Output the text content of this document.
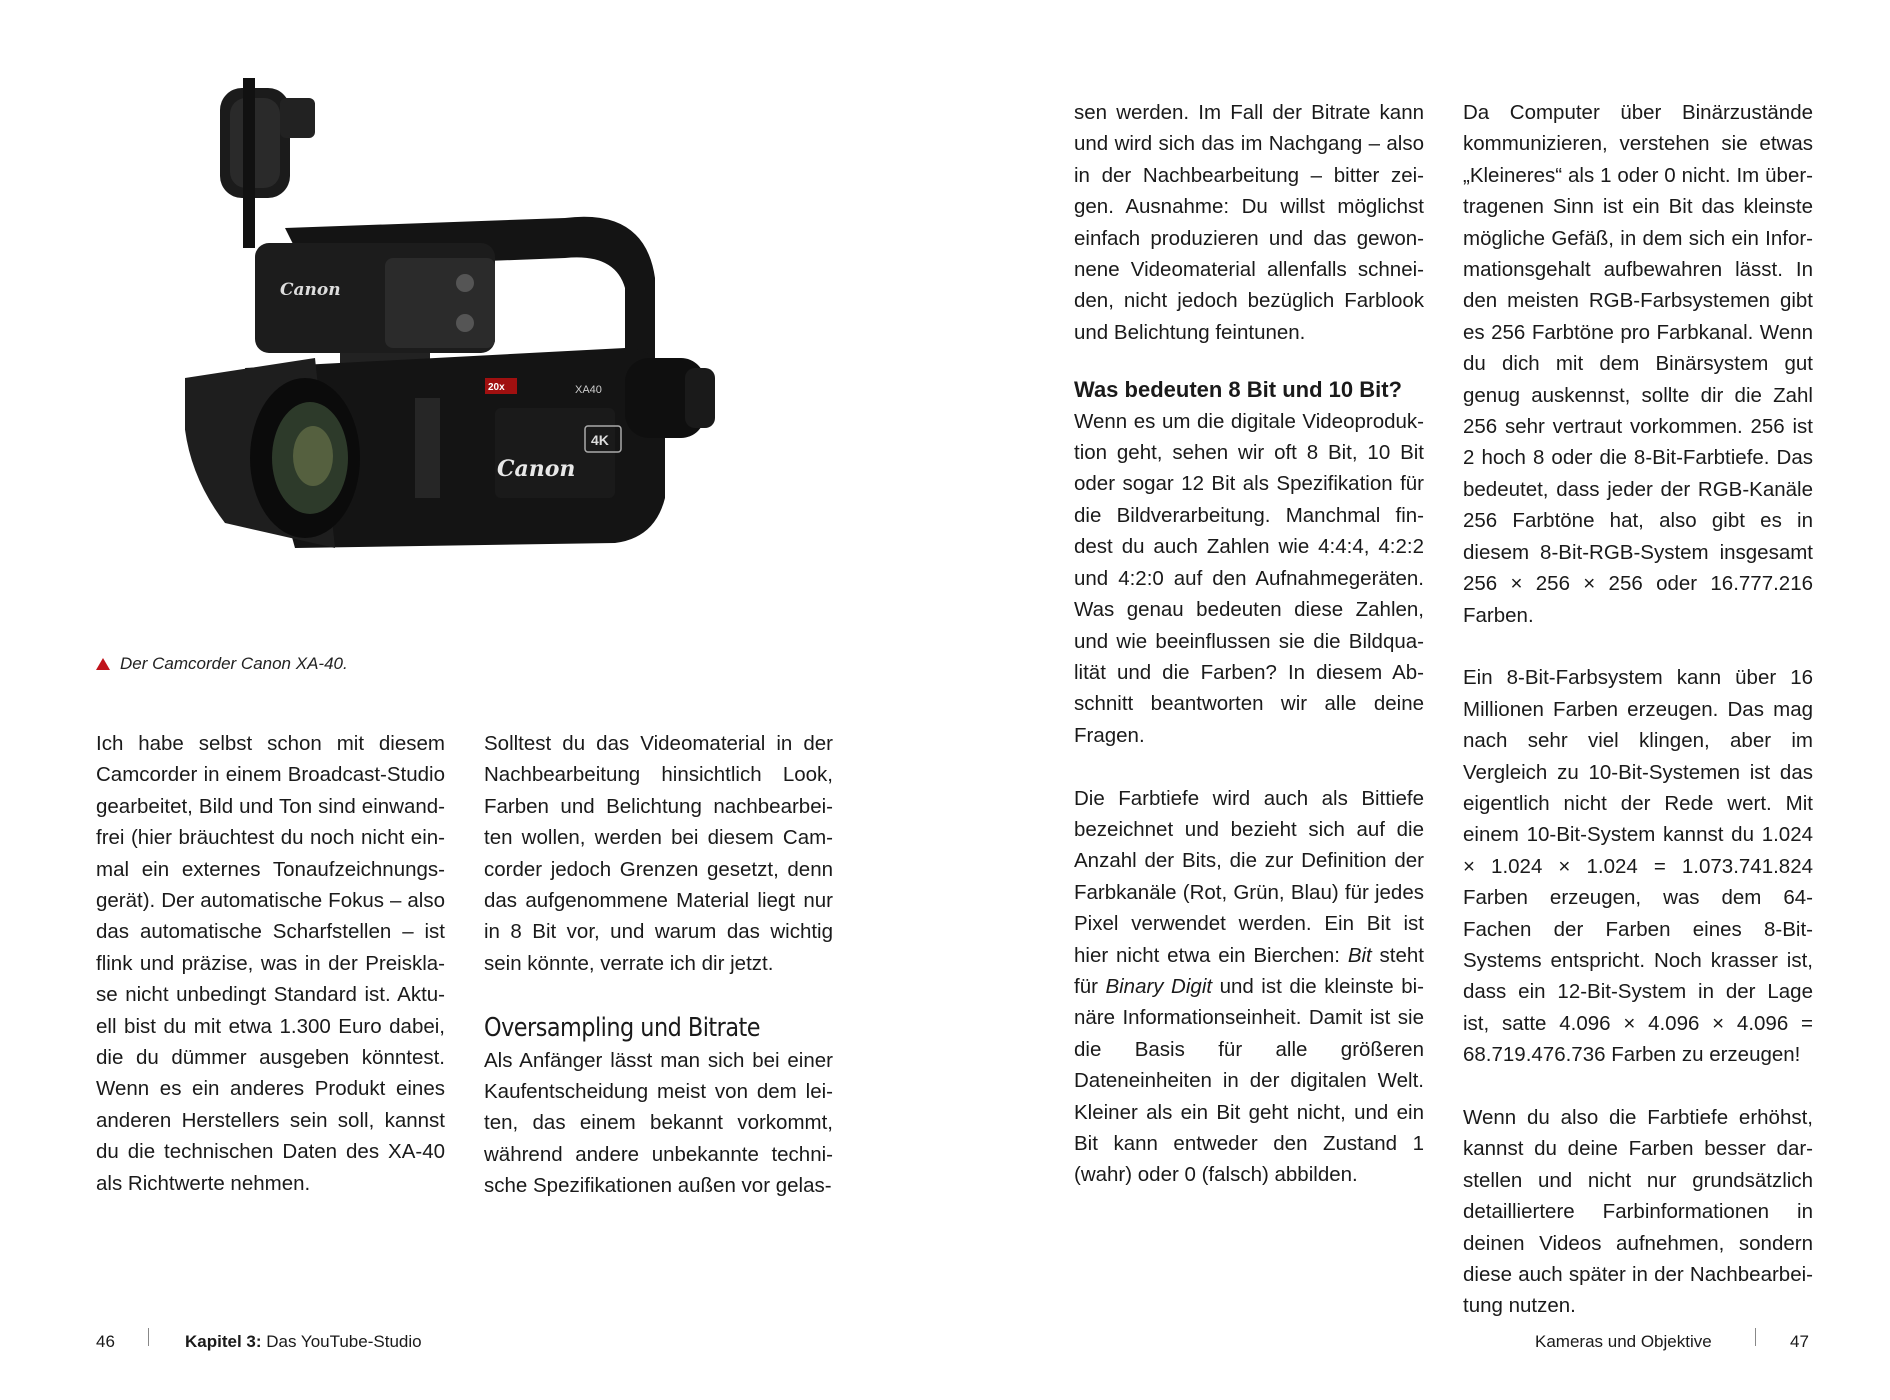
Canon
Canon
4K
XA40
20x
Der Camcorder Canon XA-40.

Ich habe selbst schon mit diesem Camcorder in einem Broadcast-Studio gearbeitet, Bild und Ton sind einwandfrei (hier bräuchtest du noch nicht einmal ein externes Tonaufzeichnungsgerät). Der automatische Fokus – also das automatische Scharfstellen – ist flink und präzise, was in der Preisklase nicht unbedingt Standard ist. Aktuell bist du mit etwa 1.300 Euro dabei, die du dümmer ausgeben könntest. Wenn es ein anderes Produkt eines anderen Herstellers sein soll, kannst du die technischen Daten des XA-40 als Richtwerte nehmen.

Solltest du das Videomaterial in der Nachbearbeitung hinsichtlich Look, Farben und Belichtung nachbearbeiten wollen, werden bei diesem Camcorder jedoch Grenzen gesetzt, denn das aufgenommene Material liegt nur in 8 Bit vor, und warum das wichtig sein könnte, verrate ich dir jetzt.

Oversampling und Bitrate

Als Anfänger lässt man sich bei einer Kaufentscheidung meist von dem leiten, das einem bekannt vorkommt, während andere unbekannte technische Spezifikationen außen vor gelas-

sen werden. Im Fall der Bitrate kann und wird sich das im Nachgang – also in der Nachbearbeitung – bitter zeigen. Ausnahme: Du willst möglichst einfach produzieren und das gewonnene Videomaterial allenfalls schneiden, nicht jedoch bezüglich Farblook und Belichtung feintunen.

Was bedeuten 8 Bit und 10 Bit?

Wenn es um die digitale Videoproduktion geht, sehen wir oft 8 Bit, 10 Bit oder sogar 12 Bit als Spezifikation für die Bildverarbeitung. Manchmal findest du auch Zahlen wie 4:4:4, 4:2:2 und 4:2:0 auf den Aufnahmegeräten. Was genau bedeuten diese Zahlen, und wie beeinflussen sie die Bildqualität und die Farben? In diesem Abschnitt beantworten wir alle deine Fragen.

Die Farbtiefe wird auch als Bittiefe bezeichnet und bezieht sich auf die Anzahl der Bits, die zur Definition der Farbkanäle (Rot, Grün, Blau) für jedes Pixel verwendet werden. Ein Bit ist hier nicht etwa ein Bierchen: Bit steht für Binary Digit und ist die kleinste binäre Informationseinheit. Damit ist sie die Basis für alle größeren Dateneinheiten in der digitalen Welt. Kleiner als ein Bit geht nicht, und ein Bit kann entweder den Zustand 1 (wahr) oder 0 (falsch) abbilden.

Da Computer über Binärzustände kommunizieren, verstehen sie etwas „Kleineres“ als 1 oder 0 nicht. Im übertragenen Sinn ist ein Bit das kleinste mögliche Gefäß, in dem sich ein Informationsgehalt aufbewahren lässt. In den meisten RGB-Farbsystemen gibt es 256 Farbtöne pro Farbkanal. Wenn du dich mit dem Binärsystem gut genug auskennst, sollte dir die Zahl 256 sehr vertraut vorkommen. 256 ist 2 hoch 8 oder die 8-Bit-Farbtiefe. Das bedeutet, dass jeder der RGB-Kanäle 256 Farbtöne hat, also gibt es in diesem 8-Bit-RGB-System insgesamt 256 × 256 × 256 oder 16.777.216 Farben.

Ein 8-Bit-Farbsystem kann über 16 Millionen Farben erzeugen. Das mag nach sehr viel klingen, aber im Vergleich zu 10-Bit-Systemen ist das eigentlich nicht der Rede wert. Mit einem 10-Bit-System kannst du 1.024 × 1.024 × 1.024 = 1.073.741.824 Farben erzeugen, was dem 64-Fachen der Farben eines 8-Bit-Systems entspricht. Noch krasser ist, dass ein 12-Bit-System in der Lage ist, satte 4.096 × 4.096 × 4.096 = 68.719.476.736 Farben zu erzeugen!

Wenn du also die Farbtiefe erhöhst, kannst du deine Farben besser darstellen und nicht nur grundsätzlich detailliertere Farbinformationen in deinen Videos aufnehmen, sondern diese auch später in der Nachbearbeitung nutzen.

46	Kapitel 3: Das YouTube-Studio	Kameras und Objektive	47
